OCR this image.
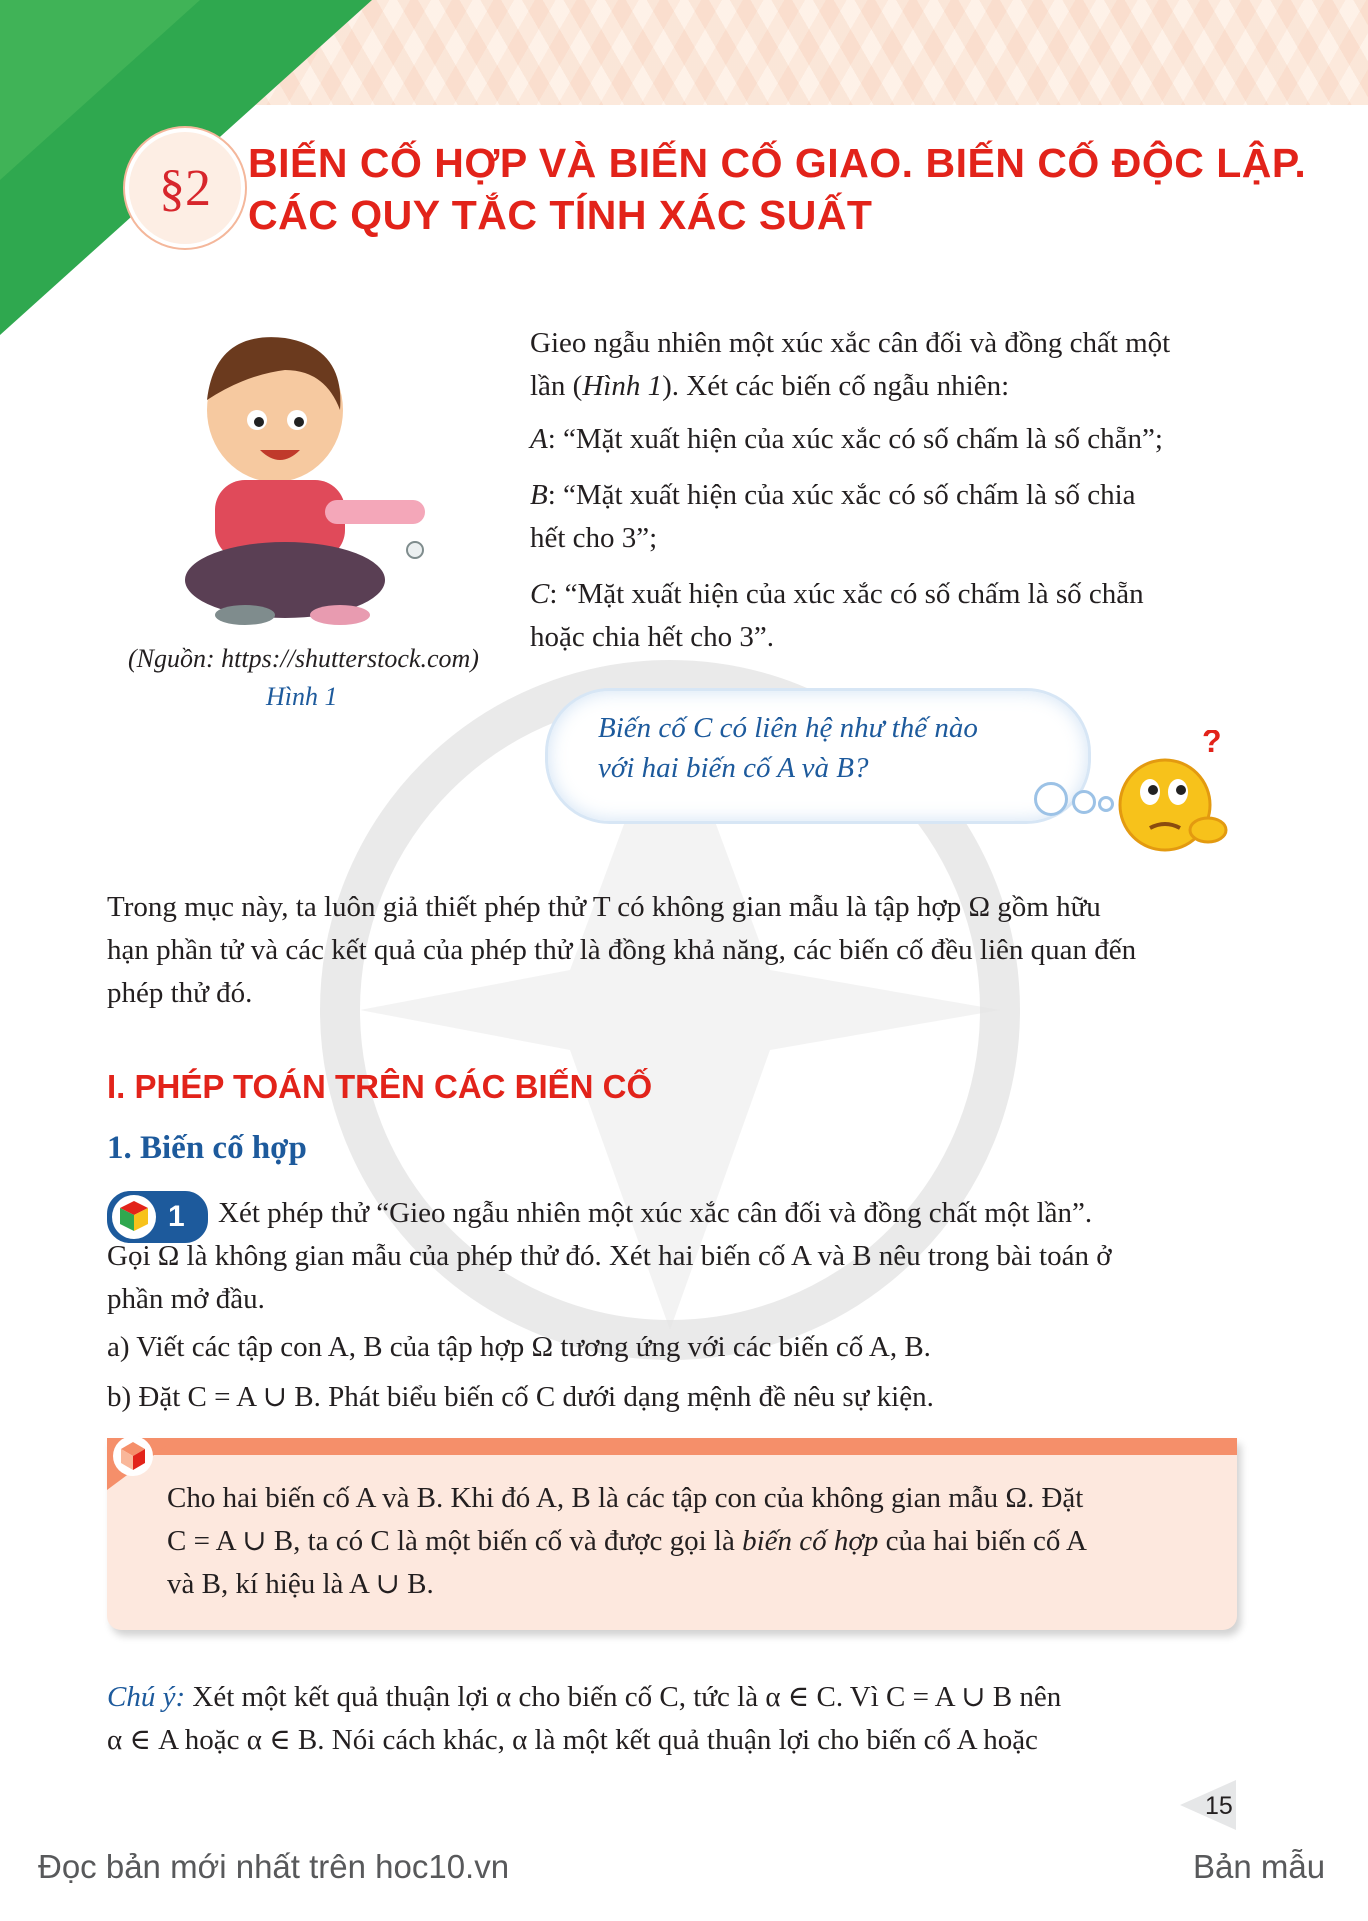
§2 BIẾN CỐ HỢP VÀ BIẾN CỐ GIAO. BIẾN CỐ ĐỘC LẬP.
CÁC QUY TẮC TÍNH XÁC SUẤT
(Nguồn: https://shutterstock.com)
Hình 1
Gieo ngẫu nhiên một xúc xắc cân đối và đồng chất một
lần (Hình 1). Xét các biến cố ngẫu nhiên:
A: “Mặt xuất hiện của xúc xắc có số chấm là số chẵn”;
B: “Mặt xuất hiện của xúc xắc có số chấm là số chia
hết cho 3”;
C: “Mặt xuất hiện của xúc xắc có số chấm là số chẵn
hoặc chia hết cho 3”.
Biến cố C có liên hệ như thế nào
với hai biến cố A và B?
?
Trong mục này, ta luôn giả thiết phép thử T có không gian mẫu là tập hợp Ω gồm hữu
hạn phần tử và các kết quả của phép thử là đồng khả năng, các biến cố đều liên quan đến
phép thử đó.
I. PHÉP TOÁN TRÊN CÁC BIẾN CỐ
1. Biến cố hợp
1 Xét phép thử “Gieo ngẫu nhiên một xúc xắc cân đối và đồng chất một lần”.
Gọi Ω là không gian mẫu của phép thử đó. Xét hai biến cố A và B nêu trong bài toán ở
phần mở đầu.
a) Viết các tập con A, B của tập hợp Ω tương ứng với các biến cố A, B.
b) Đặt C = A ∪ B. Phát biểu biến cố C dưới dạng mệnh đề nêu sự kiện.
Cho hai biến cố A và B. Khi đó A, B là các tập con của không gian mẫu Ω. Đặt
C = A ∪ B, ta có C là một biến cố và được gọi là biến cố hợp của hai biến cố A
và B, kí hiệu là A ∪ B.
Chú ý: Xét một kết quả thuận lợi α cho biến cố C, tức là α ∈ C. Vì C = A ∪ B nên
α ∈ A hoặc α ∈ B. Nói cách khác, α là một kết quả thuận lợi cho biến cố A hoặc
15
Đọc bản mới nhất trên hoc10.vn	Bản mẫu
